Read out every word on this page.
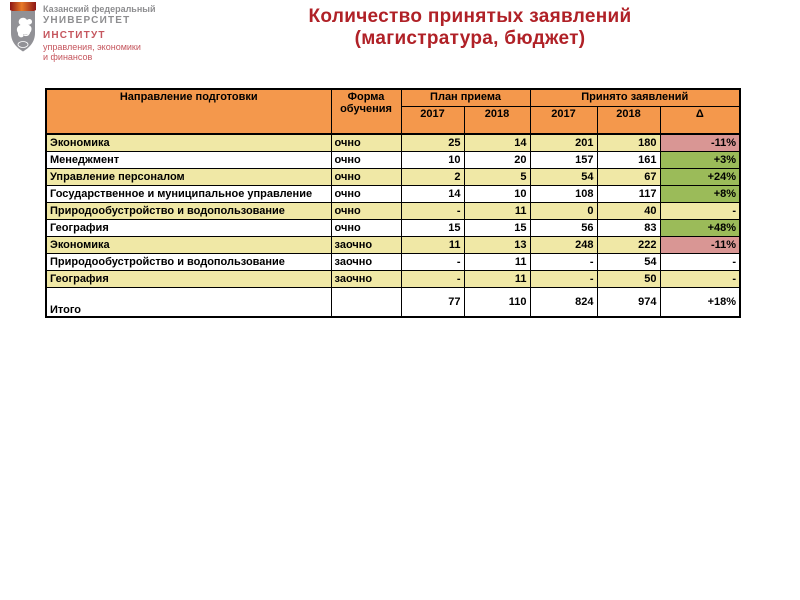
Казанский федеральный
УНИВЕРСИТЕТ
ИНСТИТУТ
управления, экономики
и финансов
Количество принятых заявлений
(магистратура, бюджет)
Направление подготовки	Форма обучения	План приема		Принято заявлений		
		2017	2018	2017	2018	Δ
Экономика	очно	25	14	201	180	-11%
Менеджмент	очно	10	20	157	161	+3%
Управление персоналом	очно	2	5	54	67	+24%
Государственное и муниципальное управление	очно	14	10	108	117	+8%
Природообустройство и водопользование	очно	-	11	0	40	-
География	очно	15	15	56	83	+48%
Экономика	заочно	11	13	248	222	-11%
Природообустройство и водопользование	заочно	-	11	-	54	-
География	заочно	-	11	-	50	-
Итого		77	110	824	974	+18%
